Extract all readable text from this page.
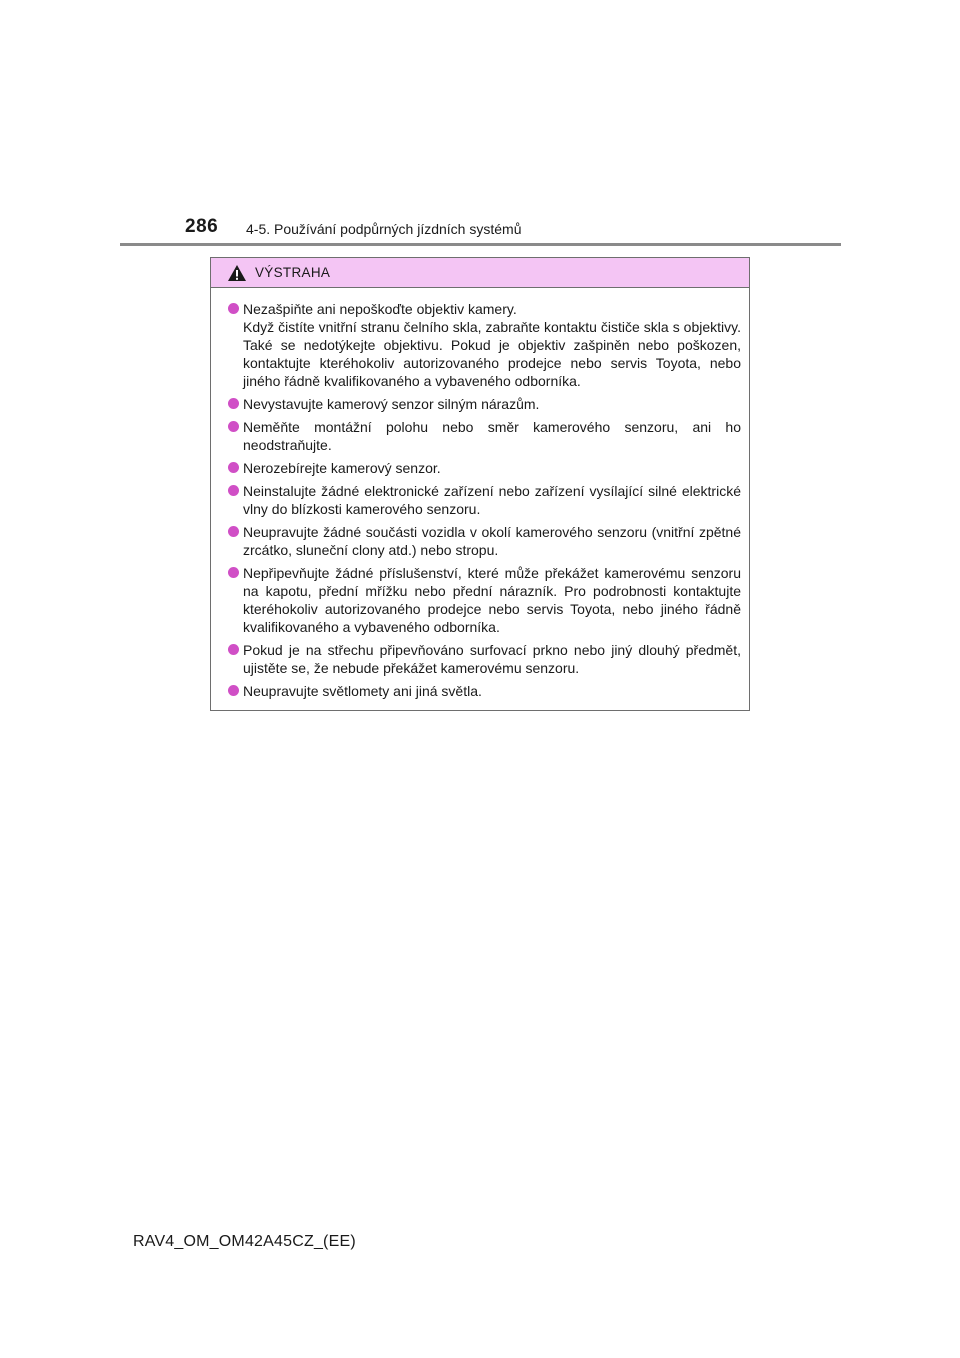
286 4-5. Používání podpůrných jízdních systémů
VÝSTRAHA
Nezašpiňte ani nepoškoďte objektiv kamery.
Když čistíte vnitřní stranu čelního skla, zabraňte kontaktu čističe skla s objektivy. Také se nedotýkejte objektivu. Pokud je objektiv zašpiněn nebo poškozen, kontaktujte kteréhokoliv autorizovaného prodejce nebo servis Toyota, nebo jiného řádně kvalifikovaného a vybaveného odborníka.
Nevystavujte kamerový senzor silným nárazům.
Neměňte montážní polohu nebo směr kamerového senzoru, ani ho neodstraňujte.
Nerozebírejte kamerový senzor.
Neinstalujte žádné elektronické zařízení nebo zařízení vysílající silné elektrické vlny do blízkosti kamerového senzoru.
Neupravujte žádné součásti vozidla v okolí kamerového senzoru (vnitřní zpětné zrcátko, sluneční clony atd.) nebo stropu.
Nepřipevňujte žádné příslušenství, které může překážet kamerovému senzoru na kapotu, přední mřížku nebo přední nárazník. Pro podrobnosti kontaktujte kteréhokoliv autorizovaného prodejce nebo servis Toyota, nebo jiného řádně kvalifikovaného a vybaveného odborníka.
Pokud je na střechu připevňováno surfovací prkno nebo jiný dlouhý předmět, ujistěte se, že nebude překážet kamerovému senzoru.
Neupravujte světlomety ani jiná světla.
RAV4_OM_OM42A45CZ_(EE)
